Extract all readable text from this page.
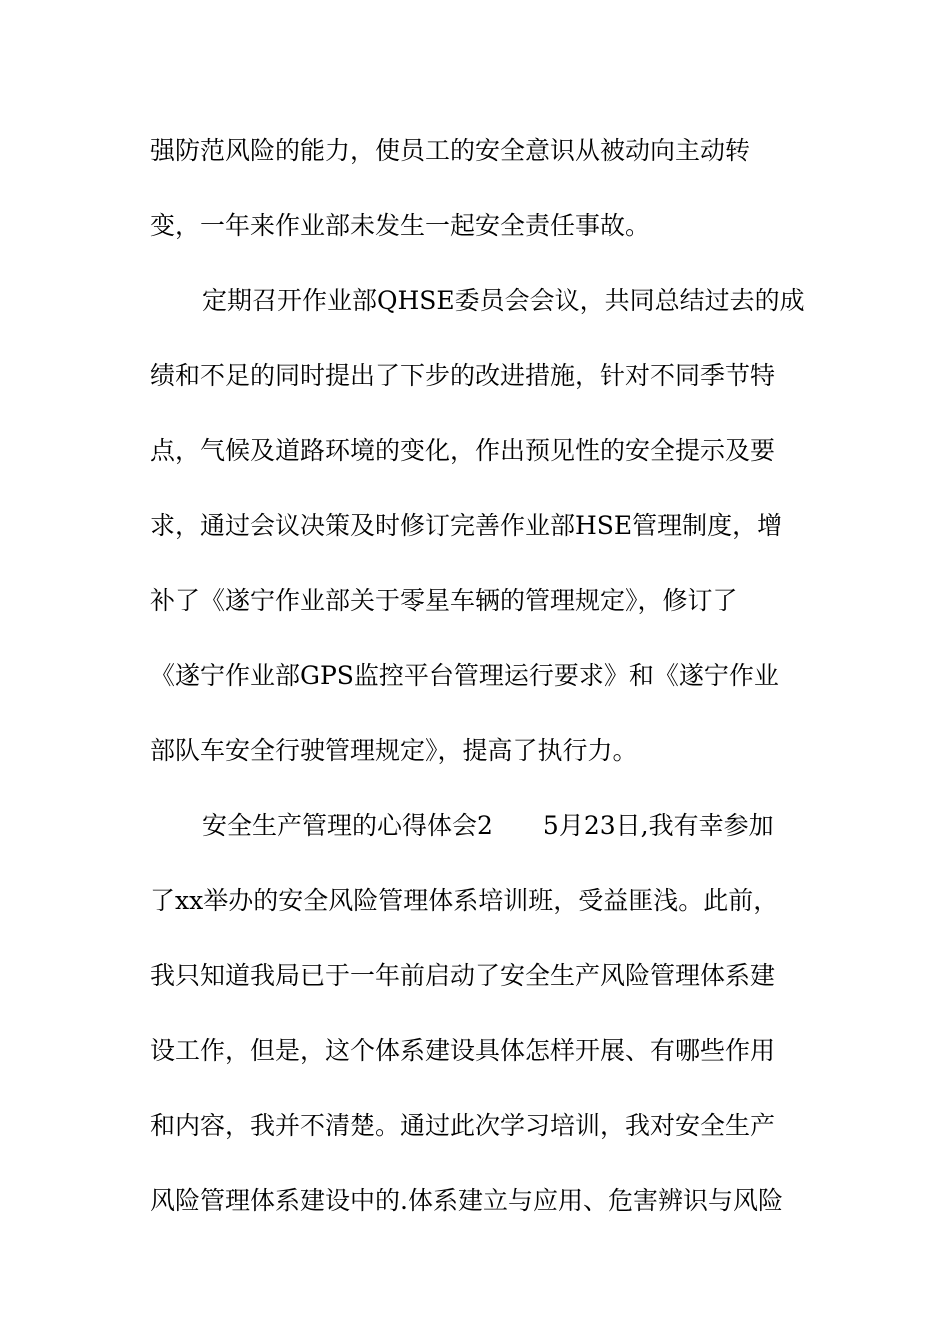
强防范风险的能力，使员工的安全意识从被动向主动转
变，一年来作业部未发生一起安全责任事故。
定期召开作业部QHSE委员会会议，共同总结过去的成
绩和不足的同时提出了下步的改进措施，针对不同季节特
点，气候及道路环境的变化，作出预见性的安全提示及要
求，通过会议决策及时修订完善作业部HSE管理制度，增
补了《遂宁作业部关于零星车辆的管理规定》，修订了
《遂宁作业部GPS监控平台管理运行要求》和《遂宁作业
部队车安全行驶管理规定》，提高了执行力。
安全生产管理的心得体会2　　5月23日,我有幸参加
了xx举办的安全风险管理体系培训班，受益匪浅。此前，
我只知道我局已于一年前启动了安全生产风险管理体系建
设工作，但是，这个体系建设具体怎样开展、有哪些作用
和内容，我并不清楚。通过此次学习培训，我对安全生产
风险管理体系建设中的.体系建立与应用、危害辨识与风险
